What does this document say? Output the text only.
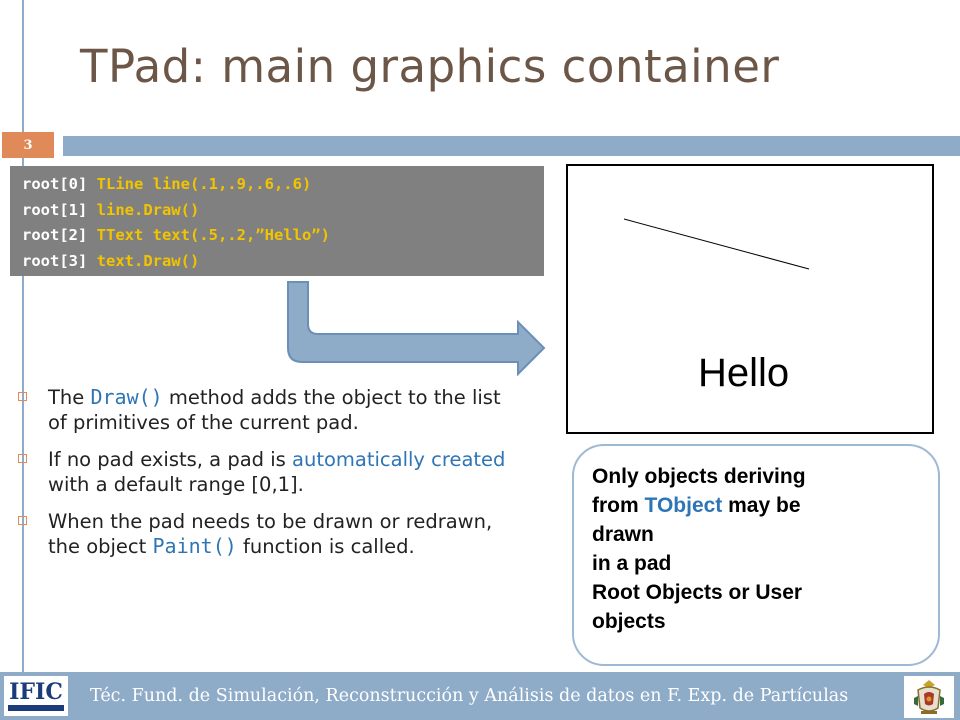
TPad: main graphics container
3
root[0] TLine line(.1,.9,.6,.6)
root[1] line.Draw()
root[2] TText text(.5,.2,”Hello”)
root[3] text.Draw()
Hello
The Draw() method adds the object to the list of primitives of the current pad.
If no pad exists, a pad is automatically created with a default range [0,1].
When the pad needs to be drawn or redrawn, the object Paint() function is called.
Only objects deriving
from TObject may be
drawn
in a pad
Root Objects or User
objects
IFIC Téc. Fund. de Simulación, Reconstrucción y Análisis de datos en F. Exp. de Partículas
